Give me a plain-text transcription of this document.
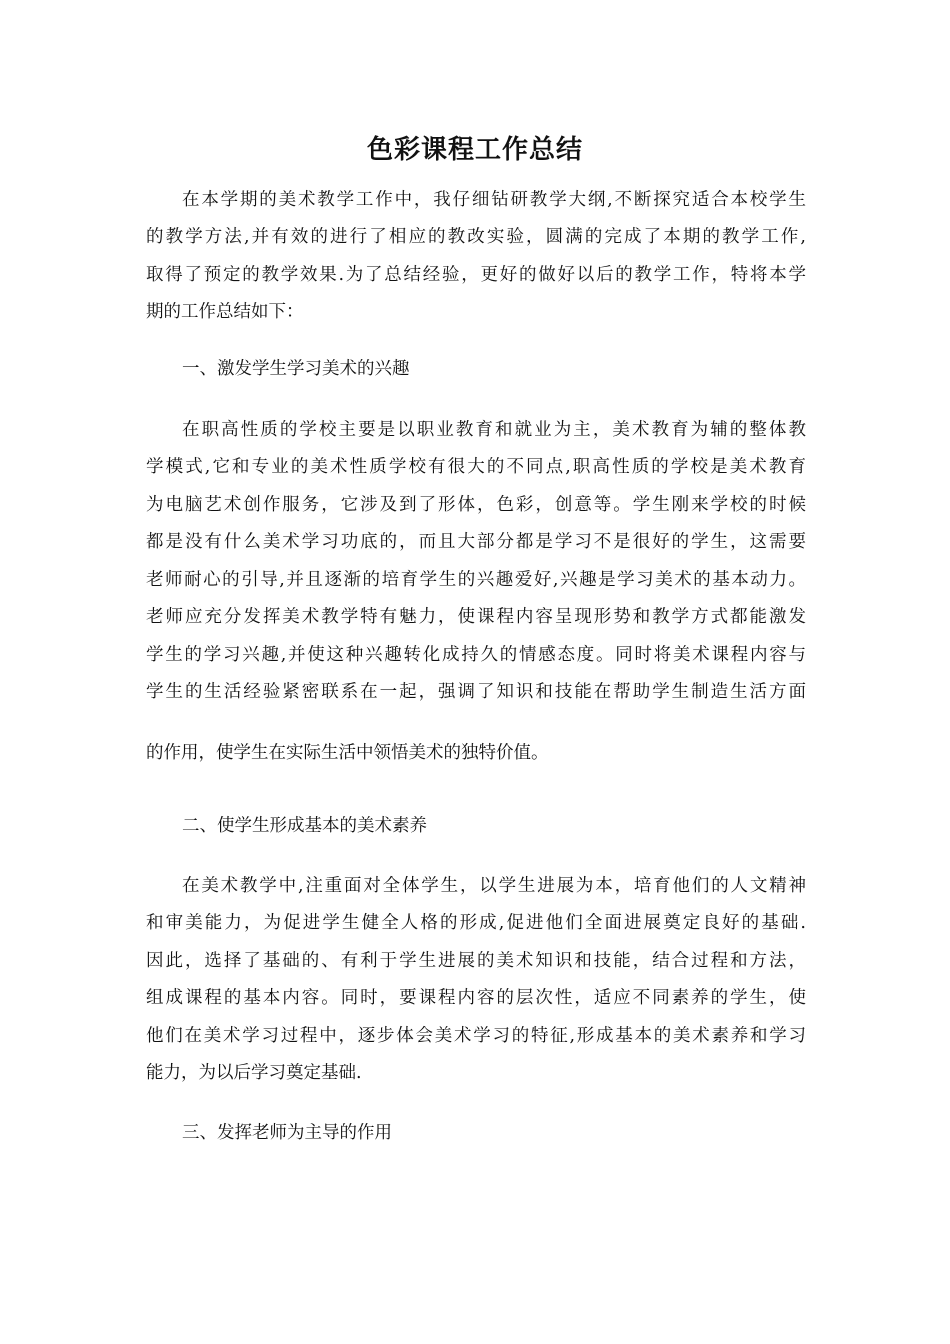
色彩课程工作总结

在本学期的美术教学工作中，我仔细钻研教学大纲,不断探究适合本校学生

的教学方法,并有效的进行了相应的教改实验，圆满的完成了本期的教学工作,

取得了预定的教学效果.为了总结经验，更好的做好以后的教学工作，特将本学

期的工作总结如下：

一、激发学生学习美术的兴趣

在职高性质的学校主要是以职业教育和就业为主，美术教育为辅的整体教

学模式,它和专业的美术性质学校有很大的不同点,职高性质的学校是美术教育

为电脑艺术创作服务，它涉及到了形体，色彩，创意等。学生刚来学校的时候

都是没有什么美术学习功底的，而且大部分都是学习不是很好的学生，这需要

老师耐心的引导,并且逐渐的培育学生的兴趣爱好,兴趣是学习美术的基本动力。

老师应充分发挥美术教学特有魅力，使课程内容呈现形势和教学方式都能激发

学生的学习兴趣,并使这种兴趣转化成持久的情感态度。同时将美术课程内容与

学生的生活经验紧密联系在一起，强调了知识和技能在帮助学生制造生活方面

的作用，使学生在实际生活中领悟美术的独特价值。

二、使学生形成基本的美术素养

在美术教学中,注重面对全体学生，以学生进展为本，培育他们的人文精神

和审美能力，为促进学生健全人格的形成,促进他们全面进展奠定良好的基础.

因此，选择了基础的、有利于学生进展的美术知识和技能，结合过程和方法，

组成课程的基本内容。同时，要课程内容的层次性，适应不同素养的学生，使

他们在美术学习过程中，逐步体会美术学习的特征,形成基本的美术素养和学习

能力，为以后学习奠定基础.

三、发挥老师为主导的作用
